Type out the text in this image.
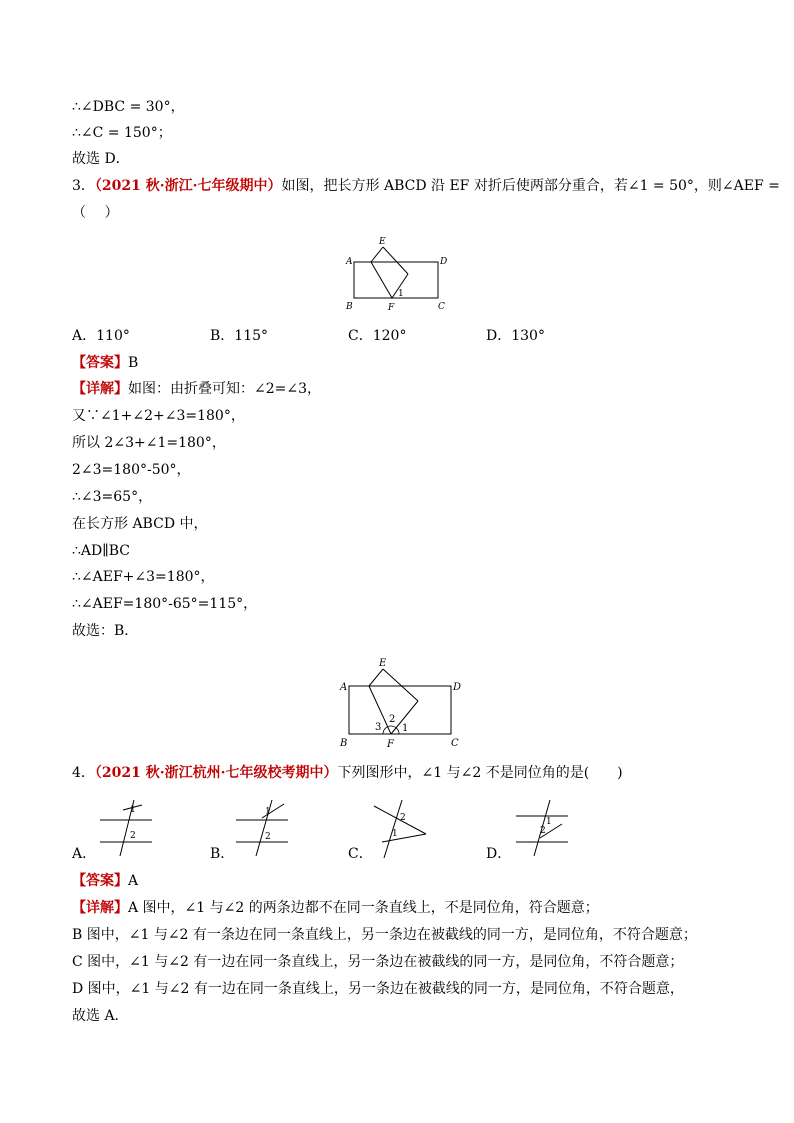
∴∠DBC = 30°，
∴∠C = 150°；
故选 D．
3．（2021 秋·浙江·七年级期中）如图，把长方形 ABCD 沿 EF 对折后使两部分重合，若∠1 = 50°，则∠AEF =
（　 ）
A
E
D
B	F	C
1
A．110°	B．115°	C．120°	D．130°
【答案】B
【详解】如图：由折叠可知：∠2=∠3，
又∵∠1+∠2+∠3=180°，
所以 2∠3+∠1=180°，
2∠3=180°-50°，
∴∠3=65°，
在长方形 ABCD 中，
∴AD∥BC
∴∠AEF+∠3=180°，
∴∠AEF=180°-65°=115°，
故选：B．
A
E
D
B	F	C
3
2
1
4．（2021 秋·浙江杭州·七年级校考期中）下列图形中，∠1 与∠2 不是同位角的是(　　)
1
2
1
2
2
1
1
2
A．	B．	C．	D．
【答案】A
【详解】A 图中，∠1 与∠2 的两条边都不在同一条直线上，不是同位角，符合题意；
B 图中，∠1 与∠2 有一条边在同一条直线上，另一条边在被截线的同一方，是同位角，不符合题意；
C 图中，∠1 与∠2 有一边在同一条直线上，另一条边在被截线的同一方，是同位角，不符合题意；
D 图中，∠1 与∠2 有一边在同一条直线上，另一条边在被截线的同一方，是同位角，不符合题意，
故选 A．
